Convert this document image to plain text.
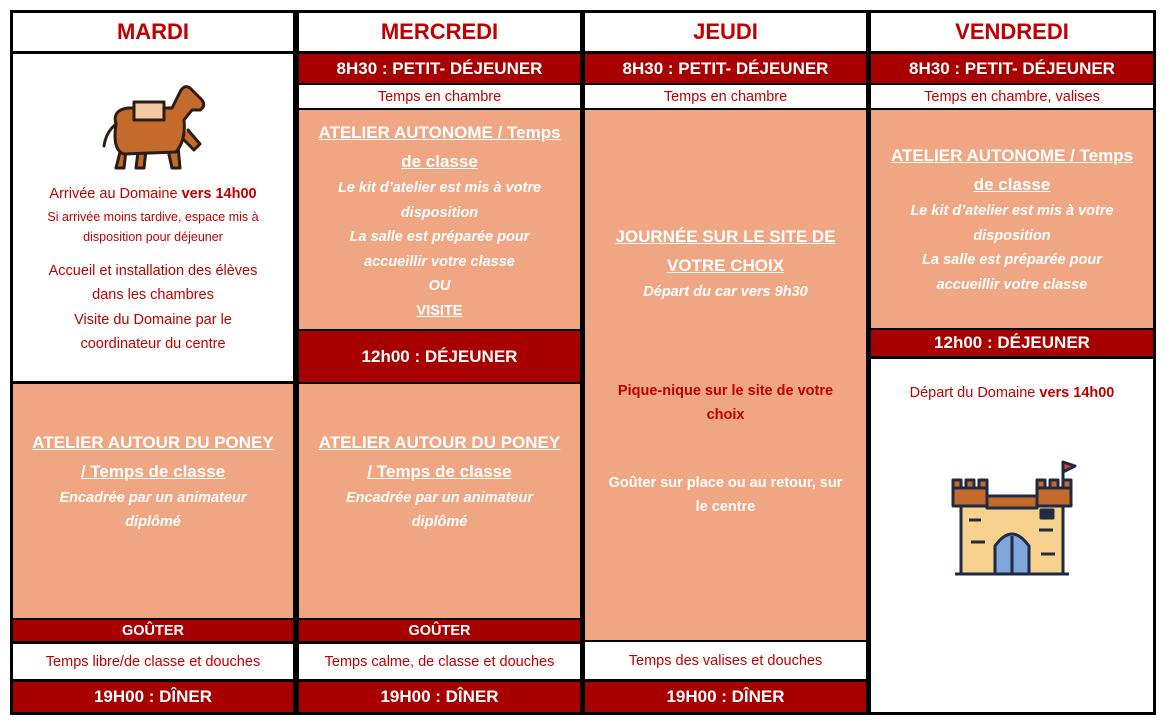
MARDI
Arrivée au Domaine vers 14h00
Si arrivée moins tardive, espace mis à
disposition pour déjeuner
Accueil et installation des élèves
dans les chambres
Visite du Domaine par le
coordinateur du centre
ATELIER AUTOUR DU PONEY
/ Temps de classe
Encadrée par un animateur
diplômé
GOÛTER
Temps libre/de classe et douches
19H00 : DÎNER
MERCREDI
8H30 : PETIT- DÉJEUNER
Temps en chambre
ATELIER AUTONOME / Temps
de classe
Le kit d’atelier est mis à votre
disposition
La salle est préparée pour
accueillir votre classe
OU
VISITE
12h00 : DÉJEUNER
ATELIER AUTOUR DU PONEY
/ Temps de classe
Encadrée par un animateur
diplômé
GOÛTER
Temps calme, de classe et douches
19H00 : DÎNER
JEUDI
8H30 : PETIT- DÉJEUNER
Temps en chambre
JOURNÉE SUR LE SITE DE
VOTRE CHOIX
Départ du car vers 9h30
Pique-nique sur le site de votre
choix
Goûter sur place ou au retour, sur
le centre
Temps des valises et douches
19H00 : DÎNER
VENDREDI
8H30 : PETIT- DÉJEUNER
Temps en chambre, valises
ATELIER AUTONOME / Temps
de classe
Le kit d’atelier est mis à votre
disposition
La salle est préparée pour
accueillir votre classe
12h00 : DÉJEUNER
Départ du Domaine vers 14h00
